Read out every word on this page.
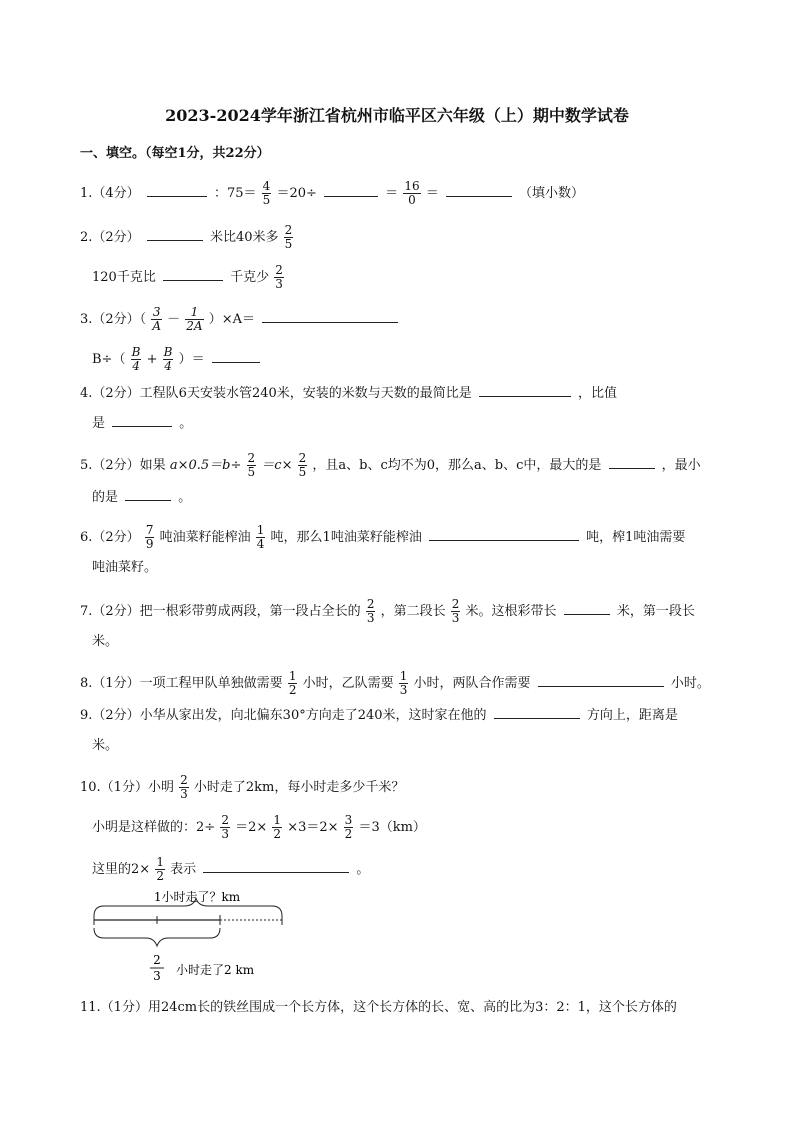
2023-2024学年浙江省杭州市临平区六年级（上）期中数学试卷
一、填空。（每空1分，共22分）
1.（4分）	：$75= \frac{4}{5} =20\div$	＝ $\frac{16}{0}$ ＝	（填小数）
2.（2分）	米比40米多 $\frac{2}{5}$
120千克比	千克少 $\frac{2}{3}$
3.（2分）（ $\frac{3}{A} - \frac{1}{2A} )\times A=$
$B\div( \frac{B}{4} + \frac{B}{4}$ ）＝
4.（2分）工程队6天安装水管240米，安装的米数与天数的最简比是	，比值
是	。
5.（2分）如果 $a\times 0.5=b\div \frac{2}{5} =c\times \frac{2}{5}$ ，且a、b、c均不为0，那么a、b、c中，最大的是	，最小
的是	。
6.（2分） $\frac{7}{9}$ 吨油菜籽能榨油 $\frac{1}{4}$ 吨，那么1吨油菜籽能榨油	吨，榨1吨油需要
吨油菜籽。
7.（2分）把一根彩带剪成两段，第一段占全长的 $\frac{2}{3}$ ，第二段长 $\frac{2}{3}$ 米。这根彩带长	米，第一段长
米。
8.（1分）一项工程甲队单独做需要 $\frac{1}{2}$ 小时，乙队需要 $\frac{1}{3}$ 小时，两队合作需要	小时。
9.（2分）小华从家出发，向北偏东30°方向走了240米，这时家在他的	方向上，距离是
米。
10.（1分）小明 $\frac{2}{3}$ 小时走了2km，每小时走多少千米？
小明是这样做的：$2\div \frac{2}{3} =2\times \frac{1}{2} \times 3=2\times \frac{3}{2} =3(km)$
这里的$2\times \frac{1}{2}$ 表示	。
1小时走了？km
2
3 小时走了2 km
11.（1分）用24cm长的铁丝围成一个长方体，这个长方体的长、宽、高的比为3：2：1，这个长方体的
